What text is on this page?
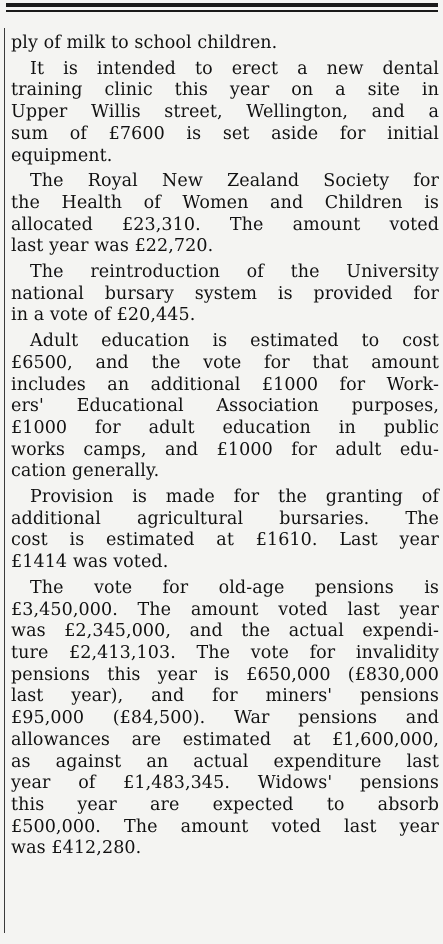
ply of milk to school children.
It is intended to erect a new dental
training clinic this year on a site in
Upper Willis street, Wellington, and a
sum of £7600 is set aside for initial
equipment.
The Royal New Zealand Society for
the Health of Women and Children is
allocated £23,310. The amount voted
last year was £22,720.
The reintroduction of the University
national bursary system is provided for
in a vote of £20,445.
Adult education is estimated to cost
£6500, and the vote for that amount
includes an additional £1000 for Work-
ers' Educational Association purposes,
£1000 for adult education in public
works camps, and £1000 for adult edu-
cation generally.
Provision is made for the granting of
additional agricultural bursaries. The
cost is estimated at £1610. Last year
£1414 was voted.
The vote for old-age pensions is
£3,450,000. The amount voted last year
was £2,345,000, and the actual expendi-
ture £2,413,103. The vote for invalidity
pensions this year is £650,000 (£830,000
last year), and for miners' pensions
£95,000 (£84,500). War pensions and
allowances are estimated at £1,600,000,
as against an actual expenditure last
year of £1,483,345. Widows' pensions
this year are expected to absorb
£500,000. The amount voted last year
was £412,280.
